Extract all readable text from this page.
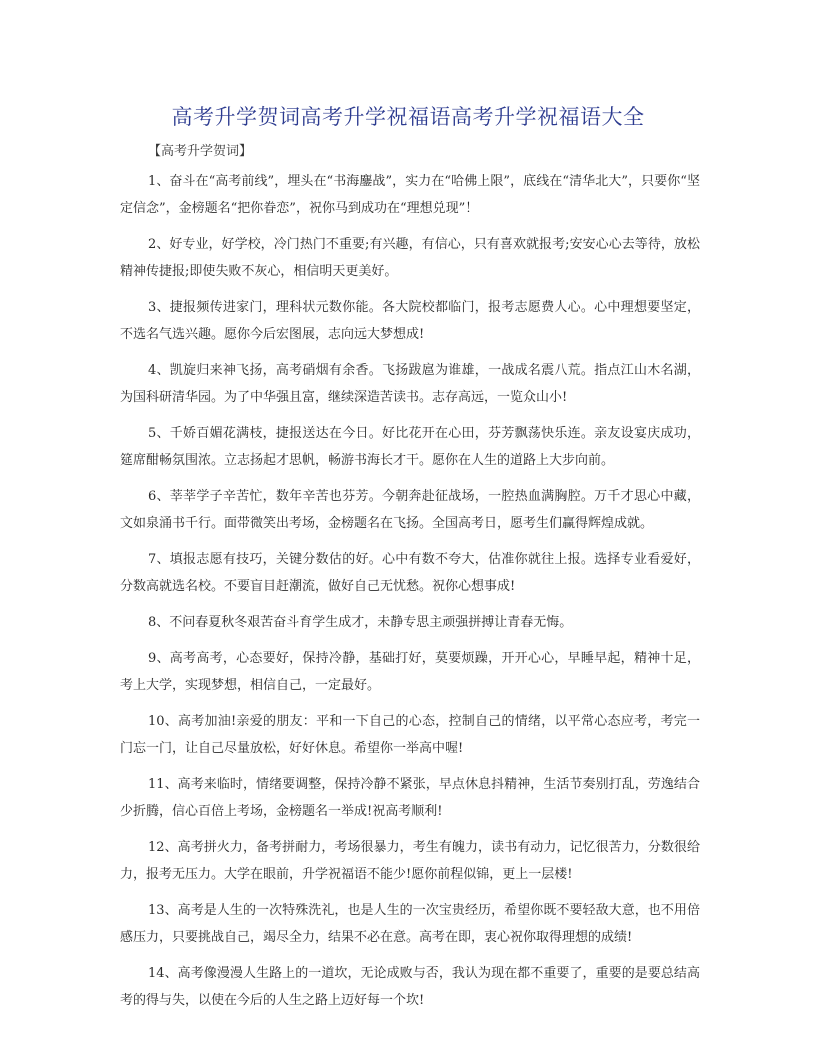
高考升学贺词高考升学祝福语高考升学祝福语大全
【高考升学贺词】

1、奋斗在“高考前线”，埋头在“书海鏖战”，实力在“哈佛上限”，底线在“清华北大”，只要你“坚定信念”，金榜题名“把你眷恋”，祝你马到成功在“理想兑现”！

2、好专业，好学校，冷门热门不重要;有兴趣，有信心，只有喜欢就报考;安安心心去等待，放松精神传捷报;即使失败不灰心，相信明天更美好。

3、捷报频传进家门，理科状元数你能。各大院校都临门，报考志愿费人心。心中理想要坚定，不选名气选兴趣。愿你今后宏图展，志向远大梦想成!

4、凯旋归来神飞扬，高考硝烟有余香。飞扬跋扈为谁雄，一战成名震八荒。指点江山木名湖，为国科研清华园。为了中华强且富，继续深造苦读书。志存高远，一览众山小!

5、千娇百媚花满枝，捷报送达在今日。好比花开在心田，芬芳飘荡快乐连。亲友设宴庆成功，筵席酣畅氛围浓。立志扬起才思帆，畅游书海长才干。愿你在人生的道路上大步向前。

6、莘莘学子辛苦忙，数年辛苦也芬芳。今朝奔赴征战场，一腔热血满胸腔。万千才思心中藏，文如泉涌书千行。面带微笑出考场，金榜题名在飞扬。全国高考日，愿考生们赢得辉煌成就。

7、填报志愿有技巧，关键分数估的好。心中有数不夸大，估准你就往上报。选择专业看爱好，分数高就选名校。不要盲目赶潮流，做好自己无忧愁。祝你心想事成!

8、不问春夏秋冬艰苦奋斗育学生成才，未静专思主顽强拼搏让青春无悔。

9、高考高考，心态要好，保持冷静，基础打好，莫要烦躁，开开心心，早睡早起，精神十足，考上大学，实现梦想，相信自己，一定最好。

10、高考加油!亲爱的朋友：平和一下自己的心态，控制自己的情绪，以平常心态应考，考完一门忘一门，让自己尽量放松，好好休息。希望你一举高中喔!

11、高考来临时，情绪要调整，保持冷静不紧张，早点休息抖精神，生活节奏别打乱，劳逸结合少折腾，信心百倍上考场，金榜题名一举成!祝高考顺利!

12、高考拼火力，备考拼耐力，考场很暴力，考生有魄力，读书有动力，记忆很苦力，分数很给力，报考无压力。大学在眼前，升学祝福语不能少!愿你前程似锦，更上一层楼!

13、高考是人生的一次特殊洗礼，也是人生的一次宝贵经历，希望你既不要轻敌大意，也不用倍感压力，只要挑战自己，竭尽全力，结果不必在意。高考在即，衷心祝你取得理想的成绩!

14、高考像漫漫人生路上的一道坎，无论成败与否，我认为现在都不重要了，重要的是要总结高考的得与失，以使在今后的人生之路上迈好每一个坎!
